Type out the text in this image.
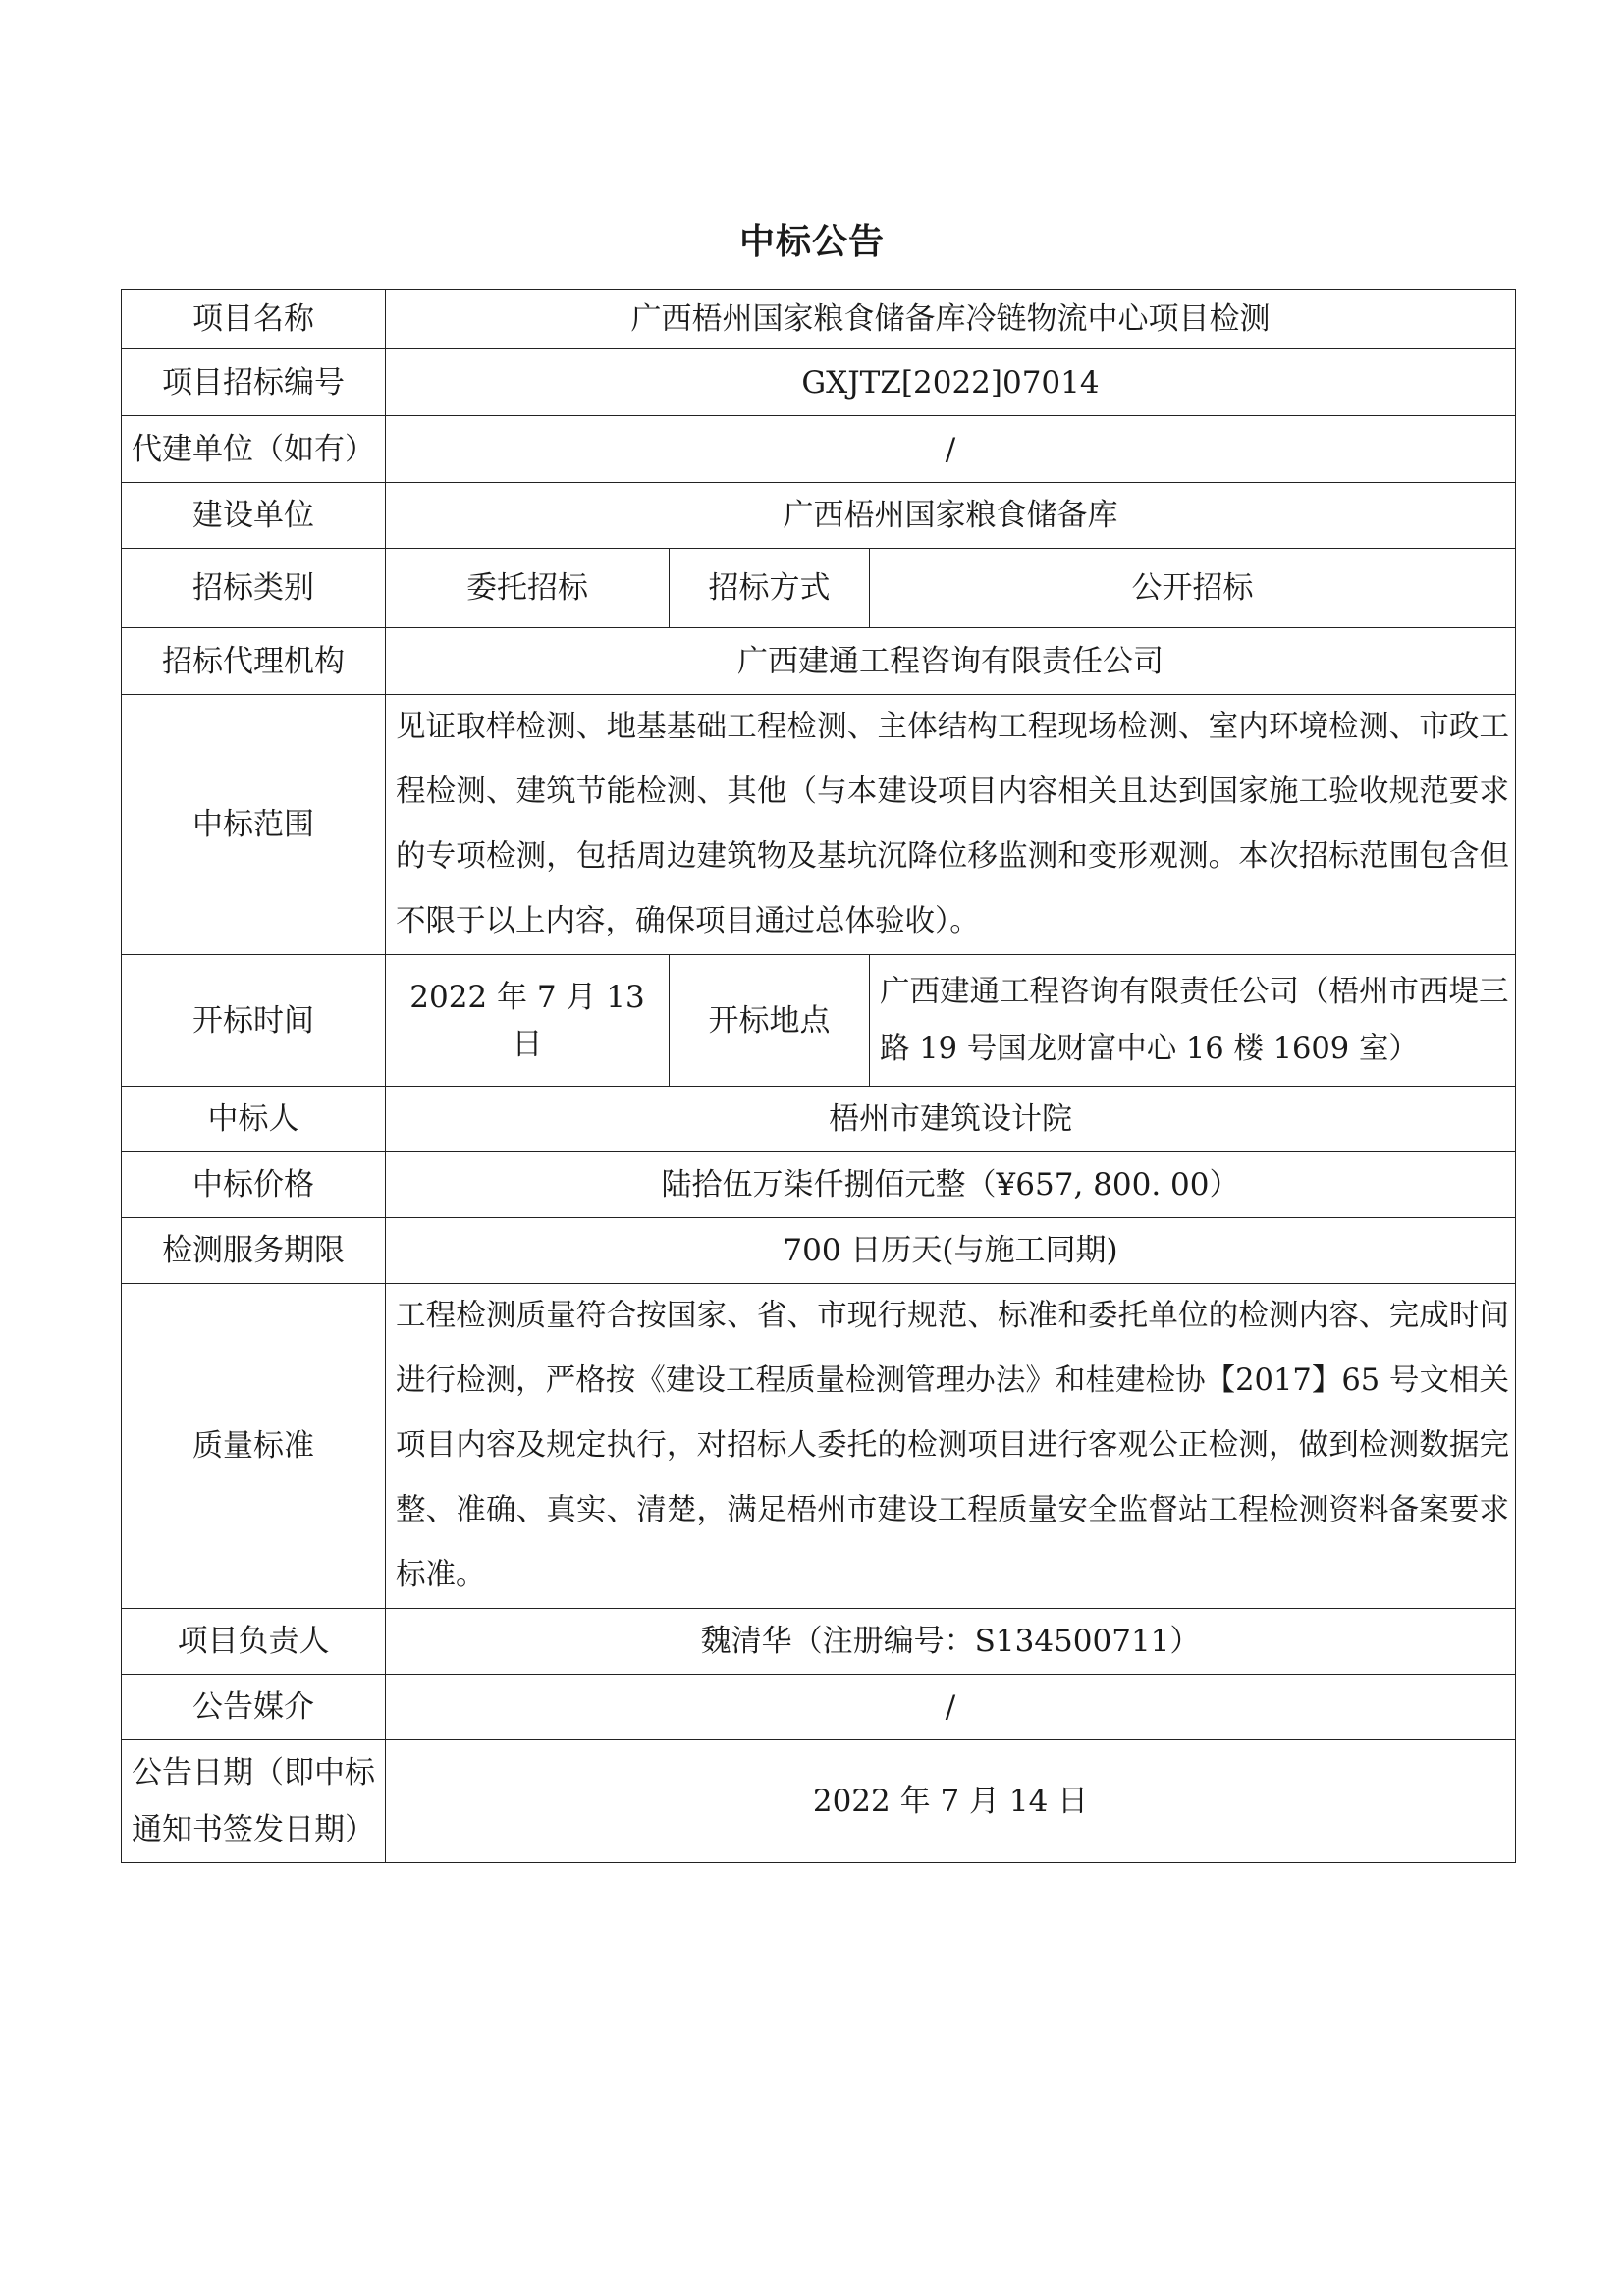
中标公告
项目名称	广西梧州国家粮食储备库冷链物流中心项目检测		
项目招标编号	GXJTZ[2022]07014		
代建单位（如有）	/		
建设单位	广西梧州国家粮食储备库		
招标类别	委托招标	招标方式	公开招标
招标代理机构	广西建通工程咨询有限责任公司		
中标范围	见证取样检测、地基基础工程检测、主体结构工程现场检测、室内环境检测、市政工程检测、建筑节能检测、其他（与本建设项目内容相关且达到国家施工验收规范要求的专项检测，包括周边建筑物及基坑沉降位移监测和变形观测。本次招标范围包含但不限于以上内容，确保项目通过总体验收）。		
开标时间	2022 年 7 月 13 日	开标地点	广西建通工程咨询有限责任公司（梧州市西堤三路 19 号国龙财富中心 16 楼 1609 室）
中标人	梧州市建筑设计院		
中标价格	陆拾伍万柒仟捌佰元整（¥657, 800. 00）		
检测服务期限	700 日历天(与施工同期)		
质量标准	工程检测质量符合按国家、省、市现行规范、标准和委托单位的检测内容、完成时间进行检测，严格按《建设工程质量检测管理办法》和桂建检协【2017】65 号文相关项目内容及规定执行，对招标人委托的检测项目进行客观公正检测，做到检测数据完整、准确、真实、清楚，满足梧州市建设工程质量安全监督站工程检测资料备案要求标准。		
项目负责人	魏清华（注册编号：S134500711）		
公告媒介	/		
公告日期（即中标通知书签发日期）	2022 年 7 月 14 日		
